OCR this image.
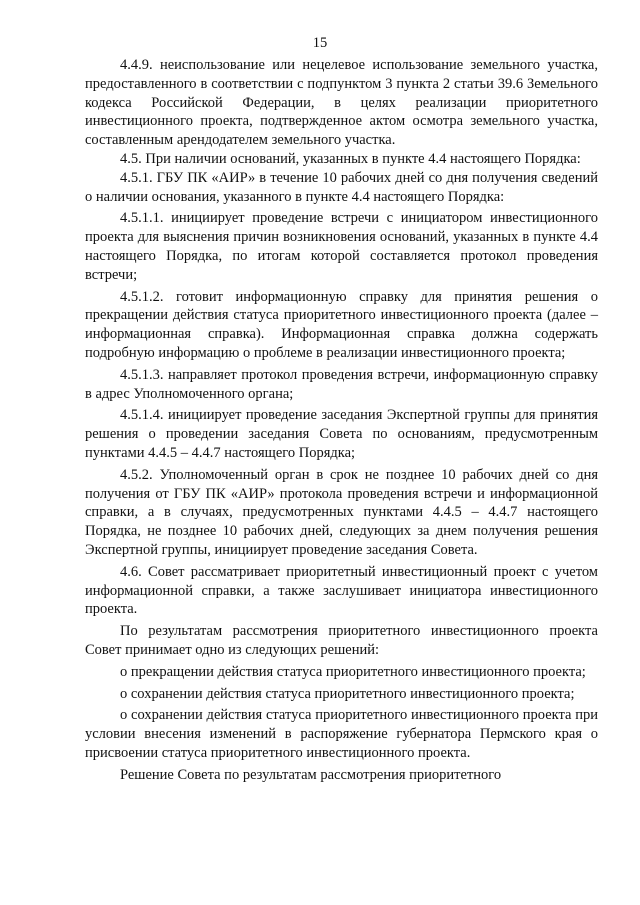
15

4.4.9. неиспользование или нецелевое использование земельного участка, предоставленного в соответствии с подпунктом 3 пункта 2 статьи 39.6 Земельного кодекса Российской Федерации, в целях реализации приоритетного инвестиционного проекта, подтвержденное актом осмотра земельного участка, составленным арендодателем земельного участка.

4.5. При наличии оснований, указанных в пункте 4.4 настоящего Порядка:

4.5.1. ГБУ ПК «АИР» в течение 10 рабочих дней со дня получения сведений о наличии основания, указанного в пункте 4.4 настоящего Порядка:

4.5.1.1. инициирует проведение встречи с инициатором инвестиционного проекта для выяснения причин возникновения оснований, указанных в пункте 4.4 настоящего Порядка, по итогам которой составляется протокол проведения встречи;

4.5.1.2. готовит информационную справку для принятия решения о прекращении действия статуса приоритетного инвестиционного проекта (далее – информационная справка). Информационная справка должна содержать подробную информацию о проблеме в реализации инвестиционного проекта;

4.5.1.3. направляет протокол проведения встречи, информационную справку в адрес Уполномоченного органа;

4.5.1.4. инициирует проведение заседания Экспертной группы для принятия решения о проведении заседания Совета по основаниям, предусмотренным пунктами 4.4.5 – 4.4.7 настоящего Порядка;

4.5.2. Уполномоченный орган в срок не позднее 10 рабочих дней со дня получения от ГБУ ПК «АИР» протокола проведения встречи и информационной справки, а в случаях, предусмотренных пунктами 4.4.5 – 4.4.7 настоящего Порядка, не позднее 10 рабочих дней, следующих за днем получения решения Экспертной группы, инициирует проведение заседания Совета.

4.6. Совет рассматривает приоритетный инвестиционный проект с учетом информационной справки, а также заслушивает инициатора инвестиционного проекта.

По результатам рассмотрения приоритетного инвестиционного проекта Совет принимает одно из следующих решений:

о прекращении действия статуса приоритетного инвестиционного проекта;

о сохранении действия статуса приоритетного инвестиционного проекта;

о сохранении действия статуса приоритетного инвестиционного проекта при условии внесения изменений в распоряжение губернатора Пермского края о присвоении статуса приоритетного инвестиционного проекта.

Решение Совета по результатам рассмотрения приоритетного
